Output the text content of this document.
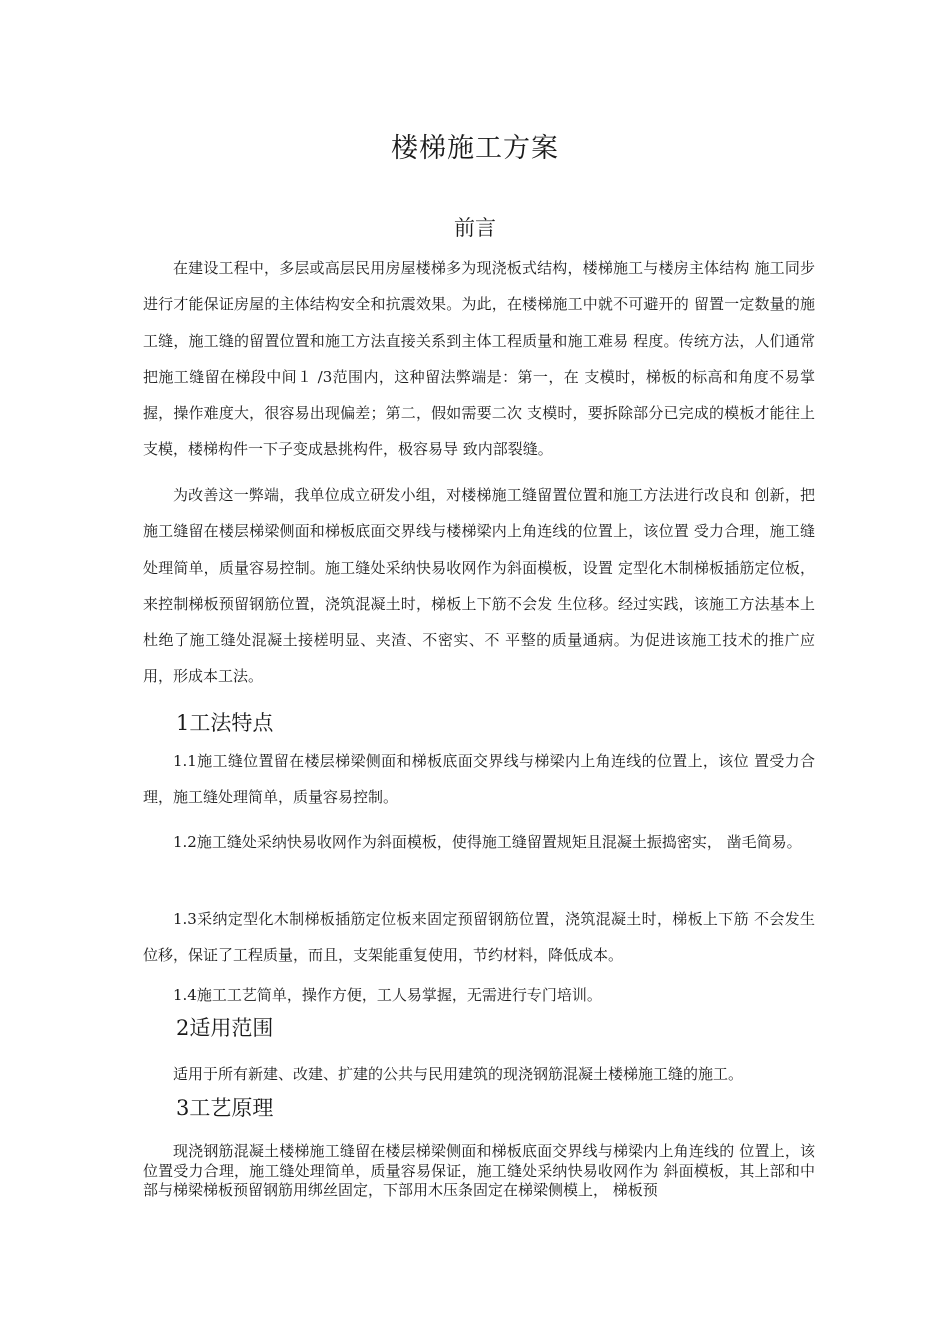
楼梯施工方案
前言

在建设工程中，多层或高层民用房屋楼梯多为现浇板式结构，楼梯施工与楼房主体结构 施工同步进行才能保证房屋的主体结构安全和抗震效果。为此，在楼梯施工中就不可避开的 留置一定数量的施工缝，施工缝的留置位置和施工方法直接关系到主体工程质量和施工难易 程度。传统方法，人们通常把施工缝留在梯段中间１ /3范围内，这种留法弊端是：第一，在 支模时，梯板的标高和角度不易掌握，操作难度大，很容易出现偏差；第二，假如需要二次 支模时，要拆除部分已完成的模板才能往上支模，楼梯构件一下子变成悬挑构件，极容易导 致内部裂缝。

为改善这一弊端，我单位成立研发小组，对楼梯施工缝留置位置和施工方法进行改良和 创新，把施工缝留在楼层梯梁侧面和梯板底面交界线与楼梯梁内上角连线的位置上，该位置 受力合理，施工缝处理简单，质量容易控制。施工缝处采纳快易收网作为斜面模板，设置 定型化木制梯板插筋定位板，来控制梯板预留钢筋位置，浇筑混凝土时，梯板上下筋不会发 生位移。经过实践，该施工方法基本上杜绝了施工缝处混凝土接槎明显、夹渣、不密实、不 平整的质量通病。为促进该施工技术的推广应用，形成本工法。

1工法特点

1.1施工缝位置留在楼层梯梁侧面和梯板底面交界线与梯梁内上角连线的位置上，该位 置受力合理，施工缝处理简单，质量容易控制。

1.2施工缝处采纳快易收网作为斜面模板，使得施工缝留置规矩且混凝土振捣密实， 凿毛简易。

1.3采纳定型化木制梯板插筋定位板来固定预留钢筋位置，浇筑混凝土时，梯板上下筋 不会发生位移，保证了工程质量，而且，支架能重复使用，节约材料，降低成本。

1.4施工工艺简单，操作方便，工人易掌握，无需进行专门培训。

2适用范围

适用于所有新建、改建、扩建的公共与民用建筑的现浇钢筋混凝土楼梯施工缝的施工。

3工艺原理

现浇钢筋混凝土楼梯施工缝留在楼层梯梁侧面和梯板底面交界线与梯梁内上角连线的 位置上，该位置受力合理，施工缝处理简单，质量容易保证，施工缝处采纳快易收网作为 斜面模板，其上部和中部与梯梁梯板预留钢筋用绑丝固定，下部用木压条固定在梯梁侧模上， 梯板预
